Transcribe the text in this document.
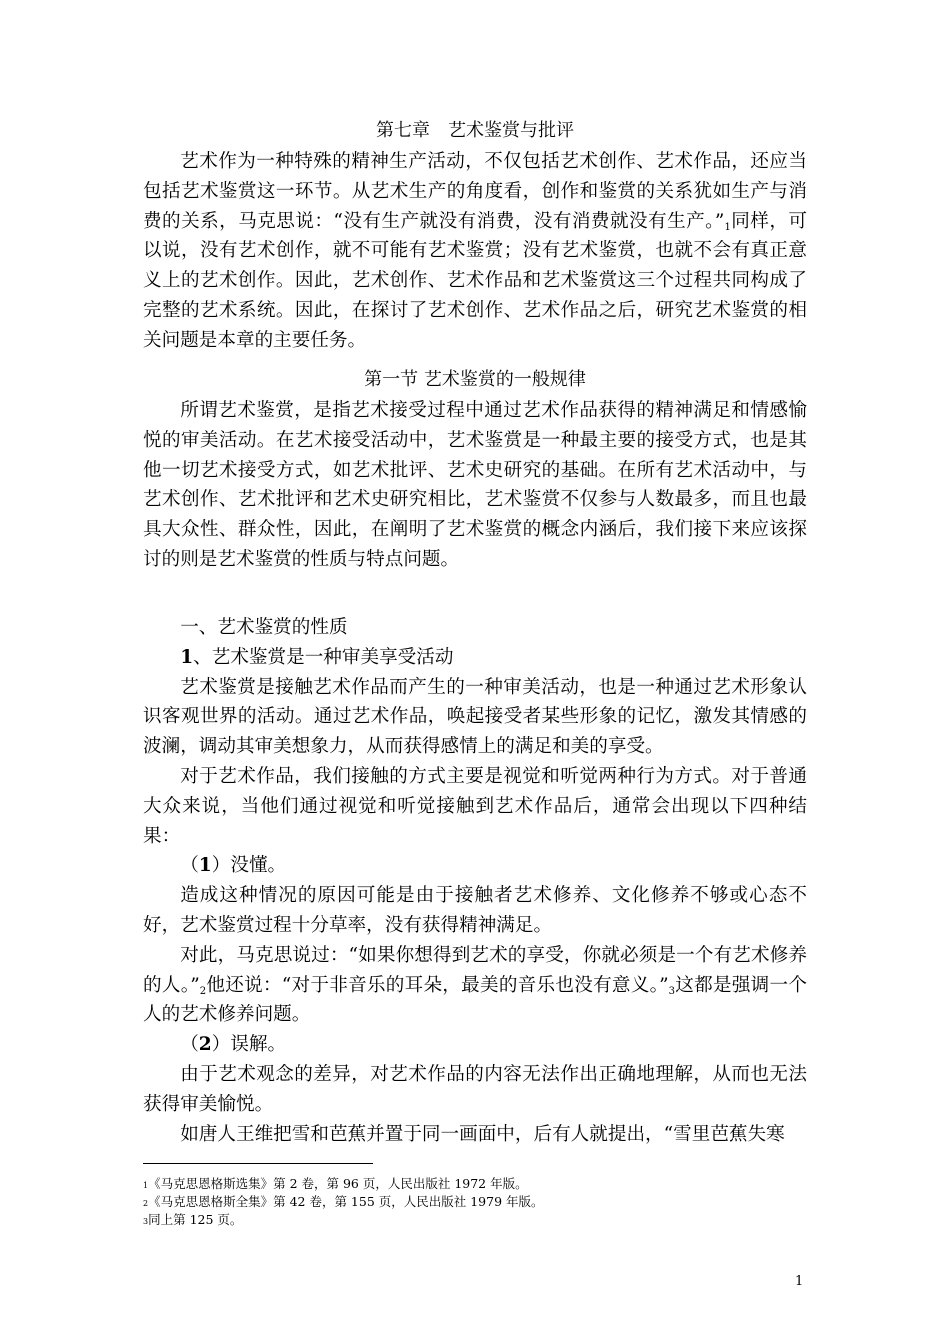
第七章　艺术鉴赏与批评

艺术作为一种特殊的精神生产活动，不仅包括艺术创作、艺术作品，还应当包括艺术鉴赏这一环节。从艺术生产的角度看，创作和鉴赏的关系犹如生产与消费的关系，马克思说：“没有生产就没有消费，没有消费就没有生产。$”_1$同样，可以说，没有艺术创作，就不可能有艺术鉴赏；没有艺术鉴赏，也就不会有真正意义上的艺术创作。因此，艺术创作、艺术作品和艺术鉴赏这三个过程共同构成了完整的艺术系统。因此，在探讨了艺术创作、艺术作品之后，研究艺术鉴赏的相关问题是本章的主要任务。

第一节 艺术鉴赏的一般规律

所谓艺术鉴赏，是指艺术接受过程中通过艺术作品获得的精神满足和情感愉悦的审美活动。在艺术接受活动中，艺术鉴赏是一种最主要的接受方式，也是其他一切艺术接受方式，如艺术批评、艺术史研究的基础。在所有艺术活动中，与艺术创作、艺术批评和艺术史研究相比，艺术鉴赏不仅参与人数最多，而且也最具大众性、群众性，因此，在阐明了艺术鉴赏的概念内涵后，我们接下来应该探讨的则是艺术鉴赏的性质与特点问题。

一、艺术鉴赏的性质

1、艺术鉴赏是一种审美享受活动

艺术鉴赏是接触艺术作品而产生的一种审美活动，也是一种通过艺术形象认识客观世界的活动。通过艺术作品，唤起接受者某些形象的记忆，激发其情感的波澜，调动其审美想象力，从而获得感情上的满足和美的享受。

对于艺术作品，我们接触的方式主要是视觉和听觉两种行为方式。对于普通大众来说，当他们通过视觉和听觉接触到艺术作品后，通常会出现以下四种结果：

（1）没懂。

造成这种情况的原因可能是由于接触者艺术修养、文化修养不够或心态不好，艺术鉴赏过程十分草率，没有获得精神满足。

对此，马克思说过：“如果你想得到艺术的享受，你就必须是一个有艺术修养的人。$”_2$他还说：“对于非音乐的耳朵，最美的音乐也没有意义。$”_3$这都是强调一个人的艺术修养问题。

（2）误解。

由于艺术观念的差异，对艺术作品的内容无法作出正确地理解，从而也无法获得审美愉悦。

如唐人王维把雪和芭蕉并置于同一画面中，后有人就提出，“雪里芭蕉失寒

1《马克思恩格斯选集》第 2 卷，第 96 页，人民出版社 1972 年版。
2《马克思恩格斯全集》第 42 卷，第 155 页，人民出版社 1979 年版。
3同上第 125 页。
1
